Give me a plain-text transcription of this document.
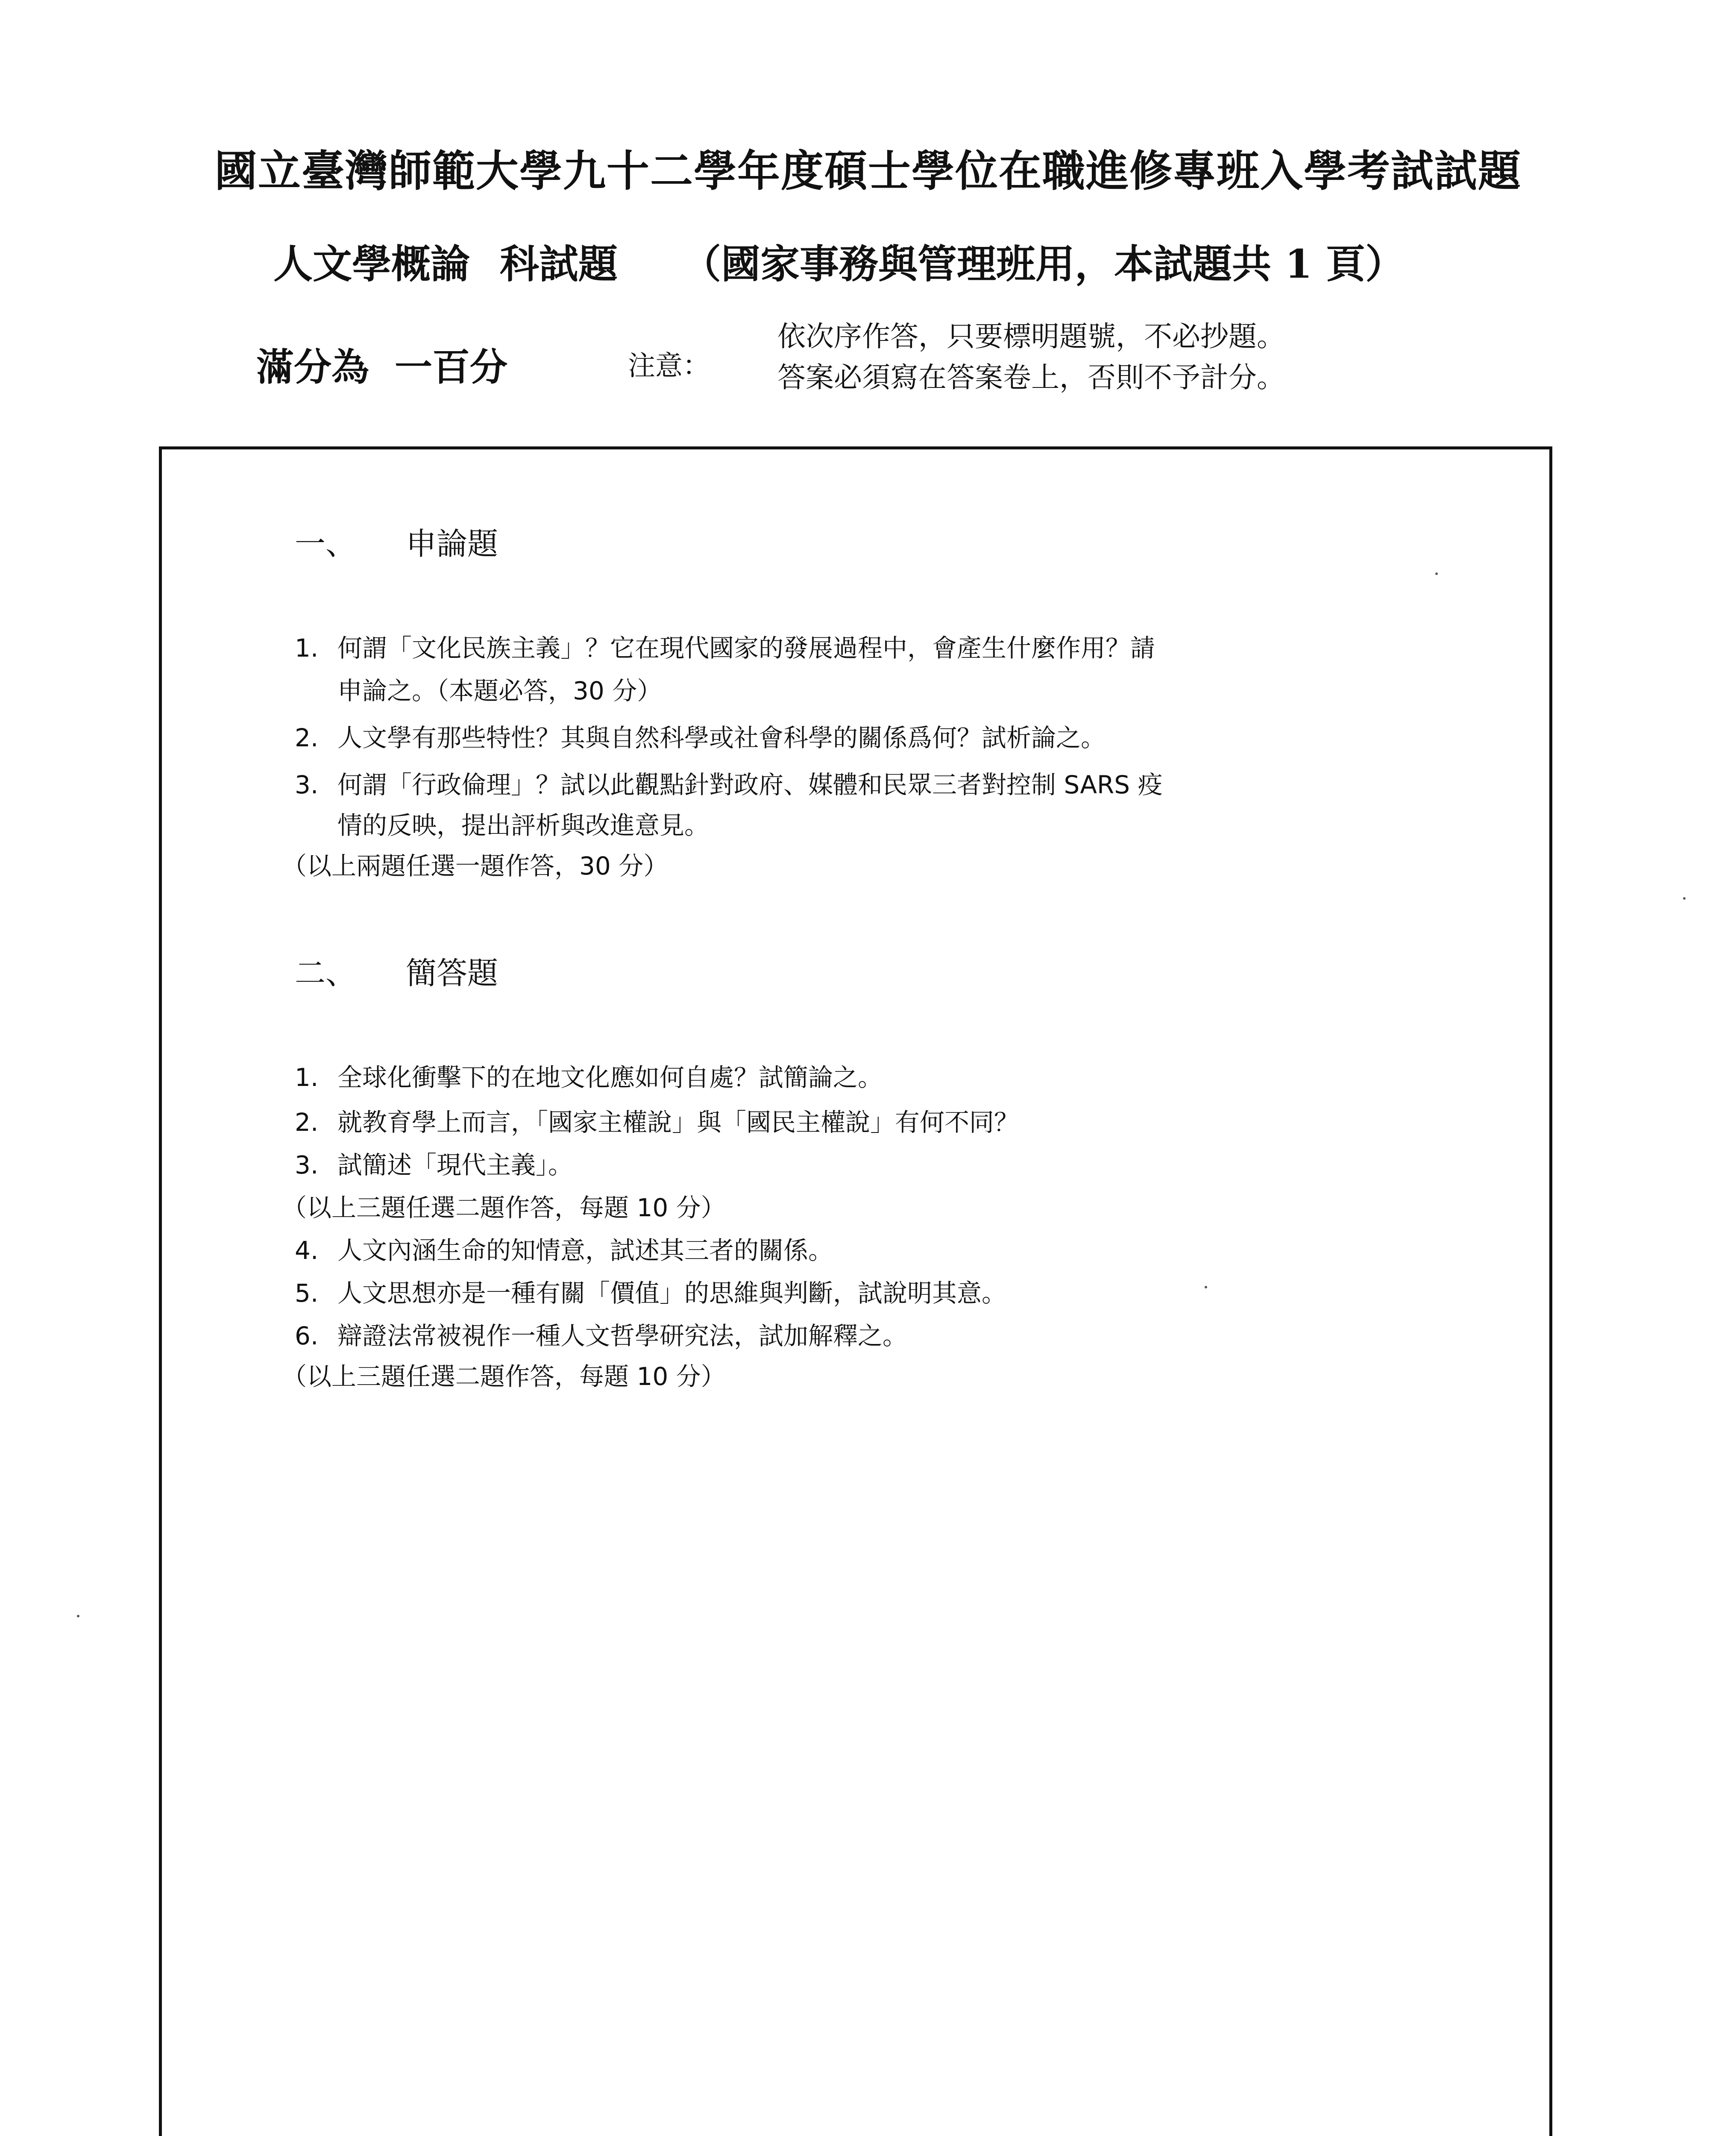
國立臺灣師範大學九十二學年度碩士學位在職進修專班入學考試試題
人文學概論 科試題 （國家事務與管理班用，本試題共 1 頁）
滿分為 一百分	注意：
依次序作答，只要標明題號，不必抄題。
答案必須寫在答案卷上，否則不予計分。
一、 申論題
1. 何謂「文化民族主義」？它在現代國家的發展過程中，會產生什麼作用？請
申論之。（本題必答，30 分）
2. 人文學有那些特性？其與自然科學或社會科學的關係爲何？試析論之。
3. 何謂「行政倫理」？試以此觀點針對政府、媒體和民眾三者對控制 SARS 疫
情的反映，提出評析與改進意見。
（以上兩題任選一題作答，30 分）
二、 簡答題
1. 全球化衝擊下的在地文化應如何自處？試簡論之。
2. 就教育學上而言，「國家主權說」與「國民主權說」有何不同？
3. 試簡述「現代主義」。
（以上三題任選二題作答，每題 10 分）
4. 人文內涵生命的知情意，試述其三者的關係。
5. 人文思想亦是一種有關「價值」的思維與判斷，試說明其意。
6. 辯證法常被視作一種人文哲學研究法，試加解釋之。
（以上三題任選二題作答，每題 10 分）
